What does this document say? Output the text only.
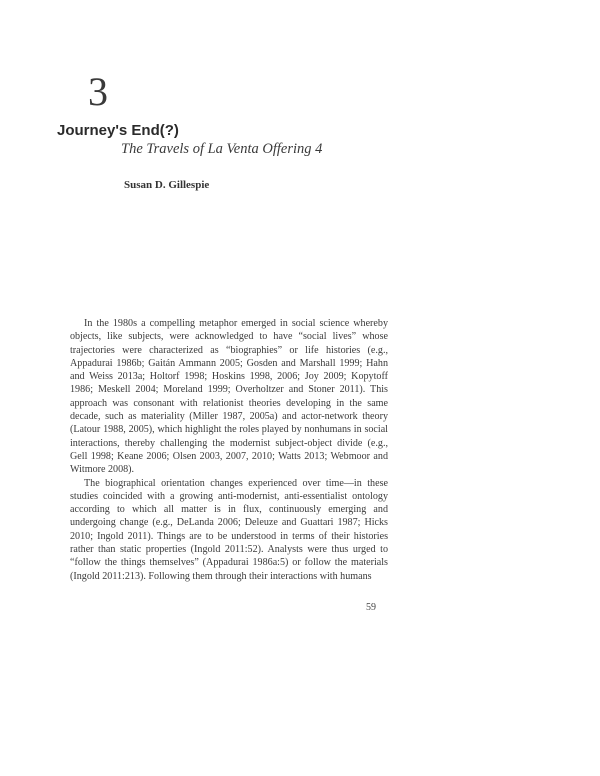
3
Journey's End(?)
The Travels of La Venta Offering 4
Susan D. Gillespie

In the 1980s a compelling metaphor emerged in social science whereby objects, like subjects, were acknowledged to have “social lives” whose trajectories were characterized as “biographies” or life histories (e.g., Appadurai 1986b; Gaitán Ammann 2005; Gosden and Marshall 1999; Hahn and Weiss 2013a; Holtorf 1998; Hoskins 1998, 2006; Joy 2009; Kopytoff 1986; Meskell 2004; Moreland 1999; Overholtzer and Stoner 2011). This approach was consonant with relationist theories developing in the same decade, such as materiality (Miller 1987, 2005a) and actor-network theory (Latour 1988, 2005), which highlight the roles played by nonhumans in social interactions, thereby challenging the modernist subject-object divide (e.g., Gell 1998; Keane 2006; Olsen 2003, 2007, 2010; Watts 2013; Webmoor and Witmore 2008).

The biographical orientation changes experienced over time—in these studies coincided with a growing anti-modernist, anti-essentialist ontology according to which all matter is in flux, continuously emerging and undergoing change (e.g., DeLanda 2006; Deleuze and Guattari 1987; Hicks 2010; Ingold 2011). Things are to be understood in terms of their histories rather than static properties (Ingold 2011:52). Analysts were thus urged to “follow the things themselves” (Appadurai 1986a:5) or follow the materials (Ingold 2011:213). Following them through their interactions with humans

59
